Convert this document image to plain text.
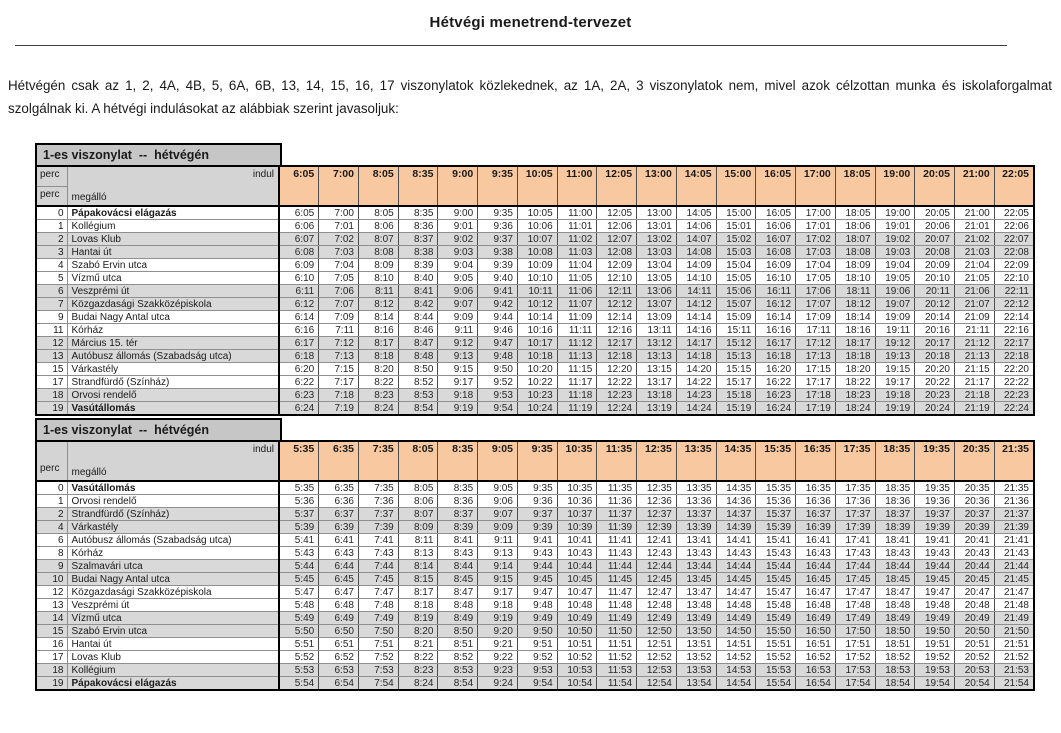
Hétvégi menetrend-tervezet
Hétvégén csak az 1, 2, 4A, 4B, 5, 6A, 6B, 13, 14, 15, 16, 17 viszonylatok közlekednek, az 1A, 2A, 3 viszonylatok nem, mivel azok célzottan munka és iskolaforgalmat szolgálnak ki. A hétvégi indulásokat az alábbiak szerint javasoljuk:
1-es viszonylat  --  hétvégén
perc
perc

indul
megálló
	6:05	7:00	8:05	8:35	9:00	9:35	10:05	11:00	12:05	13:00	14:05	15:00	16:05	17:00	18:05	19:00	20:05	21:00	22:05
0	Pápakovácsi elágazás	6:05	7:00	8:05	8:35	9:00	9:35	10:05	11:00	12:05	13:00	14:05	15:00	16:05	17:00	18:05	19:00	20:05	21:00	22:05
1	Kollégium	6:06	7:01	8:06	8:36	9:01	9:36	10:06	11:01	12:06	13:01	14:06	15:01	16:06	17:01	18:06	19:01	20:06	21:01	22:06
2	Lovas Klub	6:07	7:02	8:07	8:37	9:02	9:37	10:07	11:02	12:07	13:02	14:07	15:02	16:07	17:02	18:07	19:02	20:07	21:02	22:07
3	Hantai út	6:08	7:03	8:08	8:38	9:03	9:38	10:08	11:03	12:08	13:03	14:08	15:03	16:08	17:03	18:08	19:03	20:08	21:03	22:08
4	Szabó Ervin utca	6:09	7:04	8:09	8:39	9:04	9:39	10:09	11:04	12:09	13:04	14:09	15:04	16:09	17:04	18:09	19:04	20:09	21:04	22:09
5	Vízmű utca	6:10	7:05	8:10	8:40	9:05	9:40	10:10	11:05	12:10	13:05	14:10	15:05	16:10	17:05	18:10	19:05	20:10	21:05	22:10
6	Veszprémi út	6:11	7:06	8:11	8:41	9:06	9:41	10:11	11:06	12:11	13:06	14:11	15:06	16:11	17:06	18:11	19:06	20:11	21:06	22:11
7	Közgazdasági Szakközépiskola	6:12	7:07	8:12	8:42	9:07	9:42	10:12	11:07	12:12	13:07	14:12	15:07	16:12	17:07	18:12	19:07	20:12	21:07	22:12
9	Budai Nagy Antal utca	6:14	7:09	8:14	8:44	9:09	9:44	10:14	11:09	12:14	13:09	14:14	15:09	16:14	17:09	18:14	19:09	20:14	21:09	22:14
11	Kórház	6:16	7:11	8:16	8:46	9:11	9:46	10:16	11:11	12:16	13:11	14:16	15:11	16:16	17:11	18:16	19:11	20:16	21:11	22:16
12	Március 15. tér	6:17	7:12	8:17	8:47	9:12	9:47	10:17	11:12	12:17	13:12	14:17	15:12	16:17	17:12	18:17	19:12	20:17	21:12	22:17
13	Autóbusz állomás (Szabadság utca)	6:18	7:13	8:18	8:48	9:13	9:48	10:18	11:13	12:18	13:13	14:18	15:13	16:18	17:13	18:18	19:13	20:18	21:13	22:18
15	Várkastély	6:20	7:15	8:20	8:50	9:15	9:50	10:20	11:15	12:20	13:15	14:20	15:15	16:20	17:15	18:20	19:15	20:20	21:15	22:20
17	Strandfürdő (Színház)	6:22	7:17	8:22	8:52	9:17	9:52	10:22	11:17	12:22	13:17	14:22	15:17	16:22	17:17	18:22	19:17	20:22	21:17	22:22
18	Orvosi rendelő	6:23	7:18	8:23	8:53	9:18	9:53	10:23	11:18	12:23	13:18	14:23	15:18	16:23	17:18	18:23	19:18	20:23	21:18	22:23
19	Vasútállomás	6:24	7:19	8:24	8:54	9:19	9:54	10:24	11:19	12:24	13:19	14:24	15:19	16:24	17:19	18:24	19:19	20:24	21:19	22:24
1-es viszonylat  --  hétvégén
perc	indul
megálló	5:35	6:35	7:35	8:05	8:35	9:05	9:35	10:35	11:35	12:35	13:35	14:35	15:35	16:35	17:35	18:35	19:35	20:35	21:35
0	Vasútállomás	5:35	6:35	7:35	8:05	8:35	9:05	9:35	10:35	11:35	12:35	13:35	14:35	15:35	16:35	17:35	18:35	19:35	20:35	21:35
1	Orvosi rendelő	5:36	6:36	7:36	8:06	8:36	9:06	9:36	10:36	11:36	12:36	13:36	14:36	15:36	16:36	17:36	18:36	19:36	20:36	21:36
2	Strandfürdő (Színház)	5:37	6:37	7:37	8:07	8:37	9:07	9:37	10:37	11:37	12:37	13:37	14:37	15:37	16:37	17:37	18:37	19:37	20:37	21:37
4	Várkastély	5:39	6:39	7:39	8:09	8:39	9:09	9:39	10:39	11:39	12:39	13:39	14:39	15:39	16:39	17:39	18:39	19:39	20:39	21:39
6	Autóbusz állomás (Szabadság utca)	5:41	6:41	7:41	8:11	8:41	9:11	9:41	10:41	11:41	12:41	13:41	14:41	15:41	16:41	17:41	18:41	19:41	20:41	21:41
8	Kórház	5:43	6:43	7:43	8:13	8:43	9:13	9:43	10:43	11:43	12:43	13:43	14:43	15:43	16:43	17:43	18:43	19:43	20:43	21:43
9	Szalmavári utca	5:44	6:44	7:44	8:14	8:44	9:14	9:44	10:44	11:44	12:44	13:44	14:44	15:44	16:44	17:44	18:44	19:44	20:44	21:44
10	Budai Nagy Antal utca	5:45	6:45	7:45	8:15	8:45	9:15	9:45	10:45	11:45	12:45	13:45	14:45	15:45	16:45	17:45	18:45	19:45	20:45	21:45
12	Közgazdasági Szakközépiskola	5:47	6:47	7:47	8:17	8:47	9:17	9:47	10:47	11:47	12:47	13:47	14:47	15:47	16:47	17:47	18:47	19:47	20:47	21:47
13	Veszprémi út	5:48	6:48	7:48	8:18	8:48	9:18	9:48	10:48	11:48	12:48	13:48	14:48	15:48	16:48	17:48	18:48	19:48	20:48	21:48
14	Vízmű utca	5:49	6:49	7:49	8:19	8:49	9:19	9:49	10:49	11:49	12:49	13:49	14:49	15:49	16:49	17:49	18:49	19:49	20:49	21:49
15	Szabó Ervin utca	5:50	6:50	7:50	8:20	8:50	9:20	9:50	10:50	11:50	12:50	13:50	14:50	15:50	16:50	17:50	18:50	19:50	20:50	21:50
16	Hantai út	5:51	6:51	7:51	8:21	8:51	9:21	9:51	10:51	11:51	12:51	13:51	14:51	15:51	16:51	17:51	18:51	19:51	20:51	21:51
17	Lovas Klub	5:52	6:52	7:52	8:22	8:52	9:22	9:52	10:52	11:52	12:52	13:52	14:52	15:52	16:52	17:52	18:52	19:52	20:52	21:52
18	Kollégium	5:53	6:53	7:53	8:23	8:53	9:23	9:53	10:53	11:53	12:53	13:53	14:53	15:53	16:53	17:53	18:53	19:53	20:53	21:53
19	Pápakovácsi elágazás	5:54	6:54	7:54	8:24	8:54	9:24	9:54	10:54	11:54	12:54	13:54	14:54	15:54	16:54	17:54	18:54	19:54	20:54	21:54
